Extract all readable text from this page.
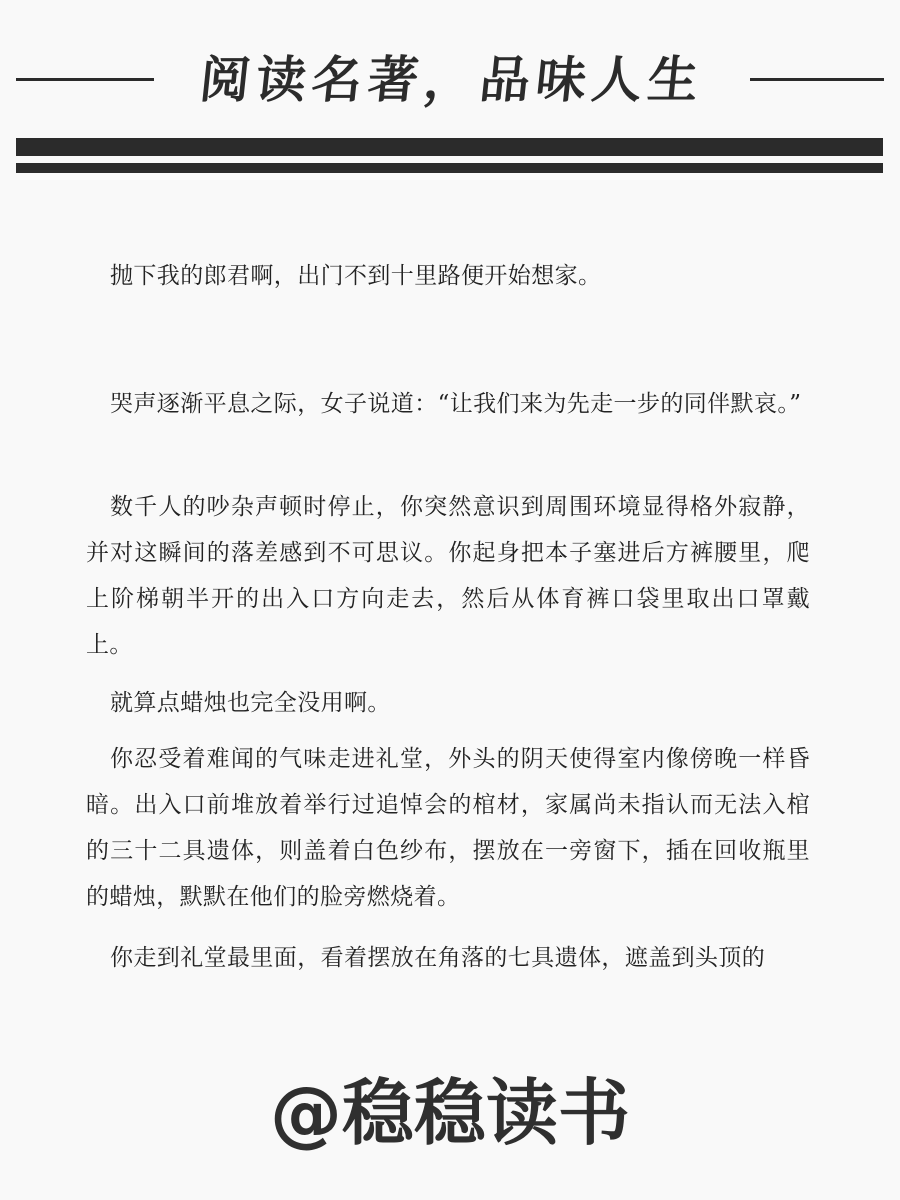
阅读名著，品味人生

抛下我的郎君啊，出门不到十里路便开始想家。

哭声逐渐平息之际，女子说道：“让我们来为先走一步的同伴默哀。”

数千人的吵杂声顿时停止，你突然意识到周围环境显得格外寂静，并对这瞬间的落差感到不可思议。你起身把本子塞进后方裤腰里，爬上阶梯朝半开的出入口方向走去，然后从体育裤口袋里取出口罩戴上。

就算点蜡烛也完全没用啊。

你忍受着难闻的气味走进礼堂，外头的阴天使得室内像傍晚一样昏暗。出入口前堆放着举行过追悼会的棺材，家属尚未指认而无法入棺的三十二具遗体，则盖着白色纱布，摆放在一旁窗下，插在回收瓶里的蜡烛，默默在他们的脸旁燃烧着。

你走到礼堂最里面，看着摆放在角落的七具遗体，遮盖到头顶的

@稳稳读书
